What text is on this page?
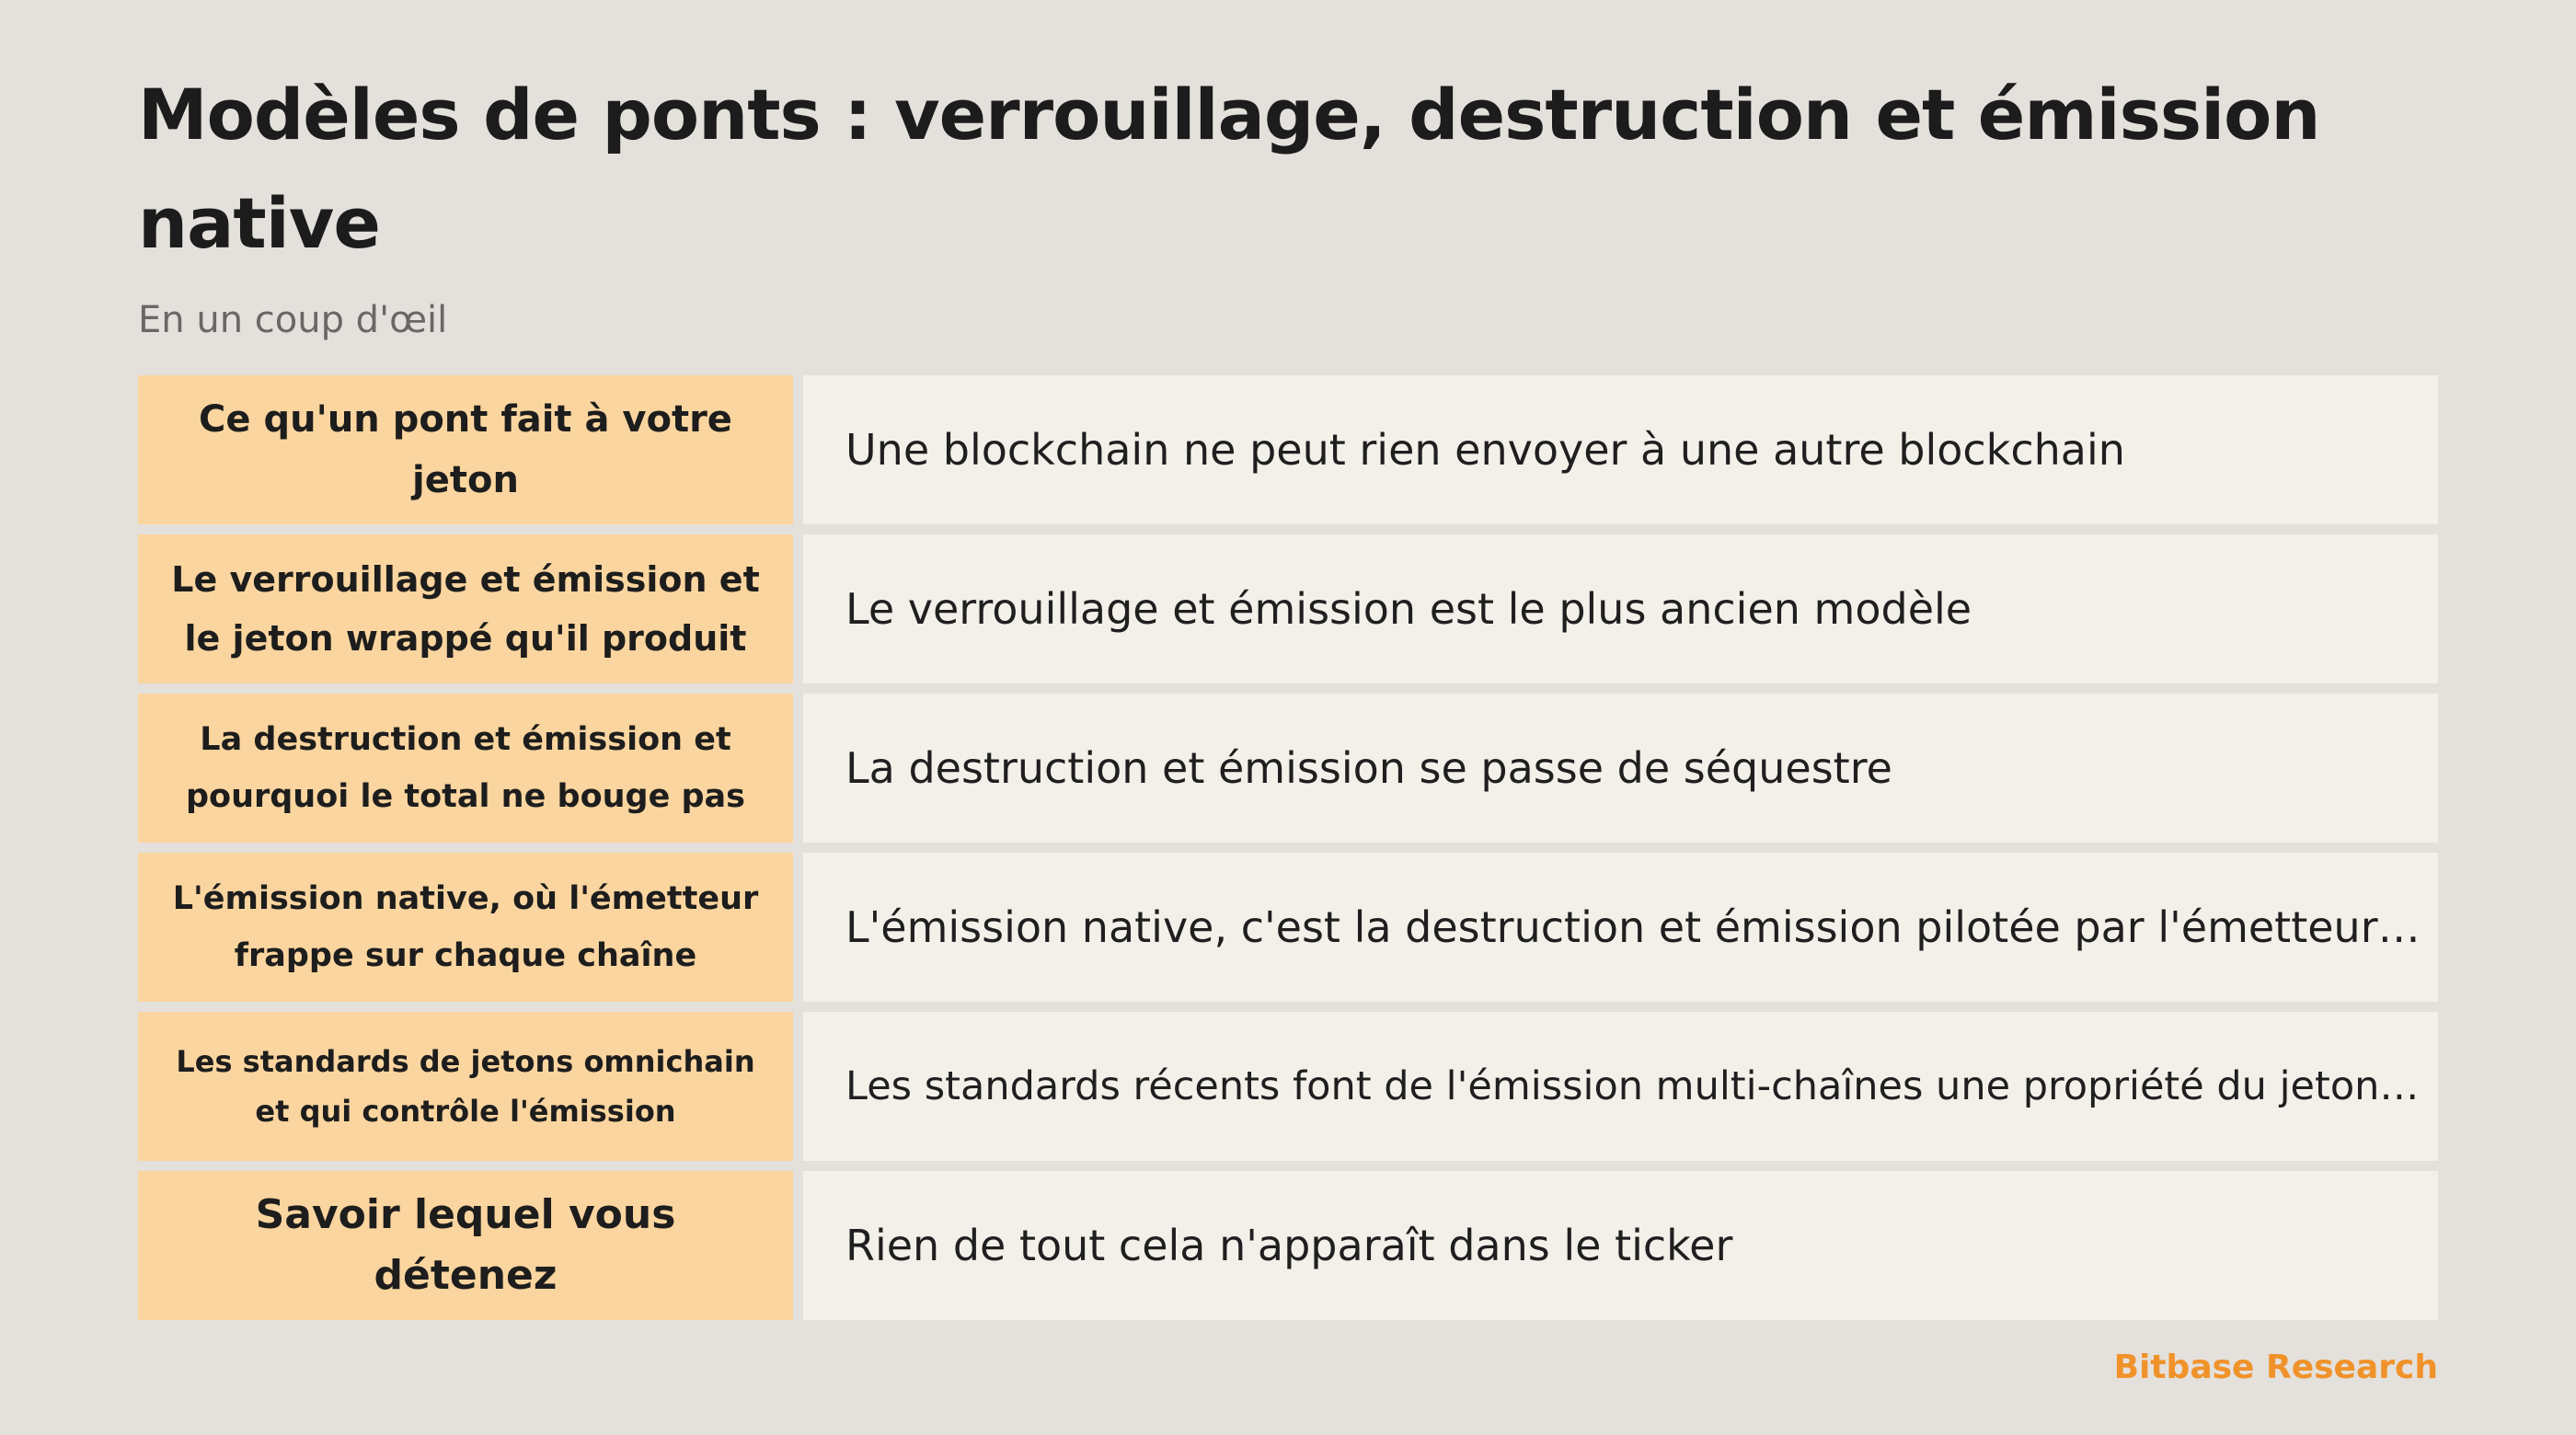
Modèles de ponts : verrouillage, destruction et émission native
En un coup d'œil
Ce qu'un pont fait à votre jeton
Une blockchain ne peut rien envoyer à une autre blockchain
Le verrouillage et émission et le jeton wrappé qu'il produit
Le verrouillage et émission est le plus ancien modèle
La destruction et émission et pourquoi le total ne bouge pas
La destruction et émission se passe de séquestre
L'émission native, où l'émetteur frappe sur chaque chaîne
L'émission native, c'est la destruction et émission pilotée par l'émetteur…
Les standards de jetons omnichain et qui contrôle l'émission
Les standards récents font de l'émission multi-chaînes une propriété du jeton…
Savoir lequel vous détenez
Rien de tout cela n'apparaît dans le ticker
Bitbase Research
